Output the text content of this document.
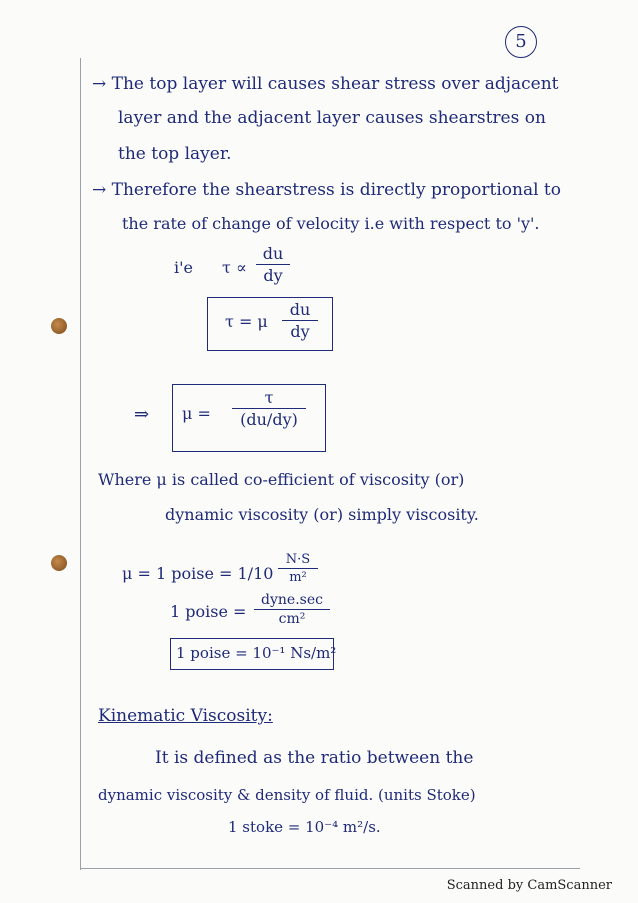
5
→ The top layer will causes shear stress over adjacent
layer and the adjacent layer causes shearstres on
the top layer.
→ Therefore the shearstress is directly proportional to
the rate of change of velocity i.e with respect to 'y'.
i'e τ ∝
du
dy
τ = μ
du
dy
⇒ μ =
τ
(du/dy)
Where μ is called co-efficient of viscosity (or)
dynamic viscosity (or) simply viscosity.
μ = 1 poise = 1/10
N·S
m²
1 poise =
dyne.sec
cm²
1 poise = 10⁻¹ Ns/m²
Kinematic Viscosity:
It is defined as the ratio between the
dynamic viscosity & density of fluid. (units Stoke)
1 stoke = 10⁻⁴ m²/s.
Scanned by CamScanner
